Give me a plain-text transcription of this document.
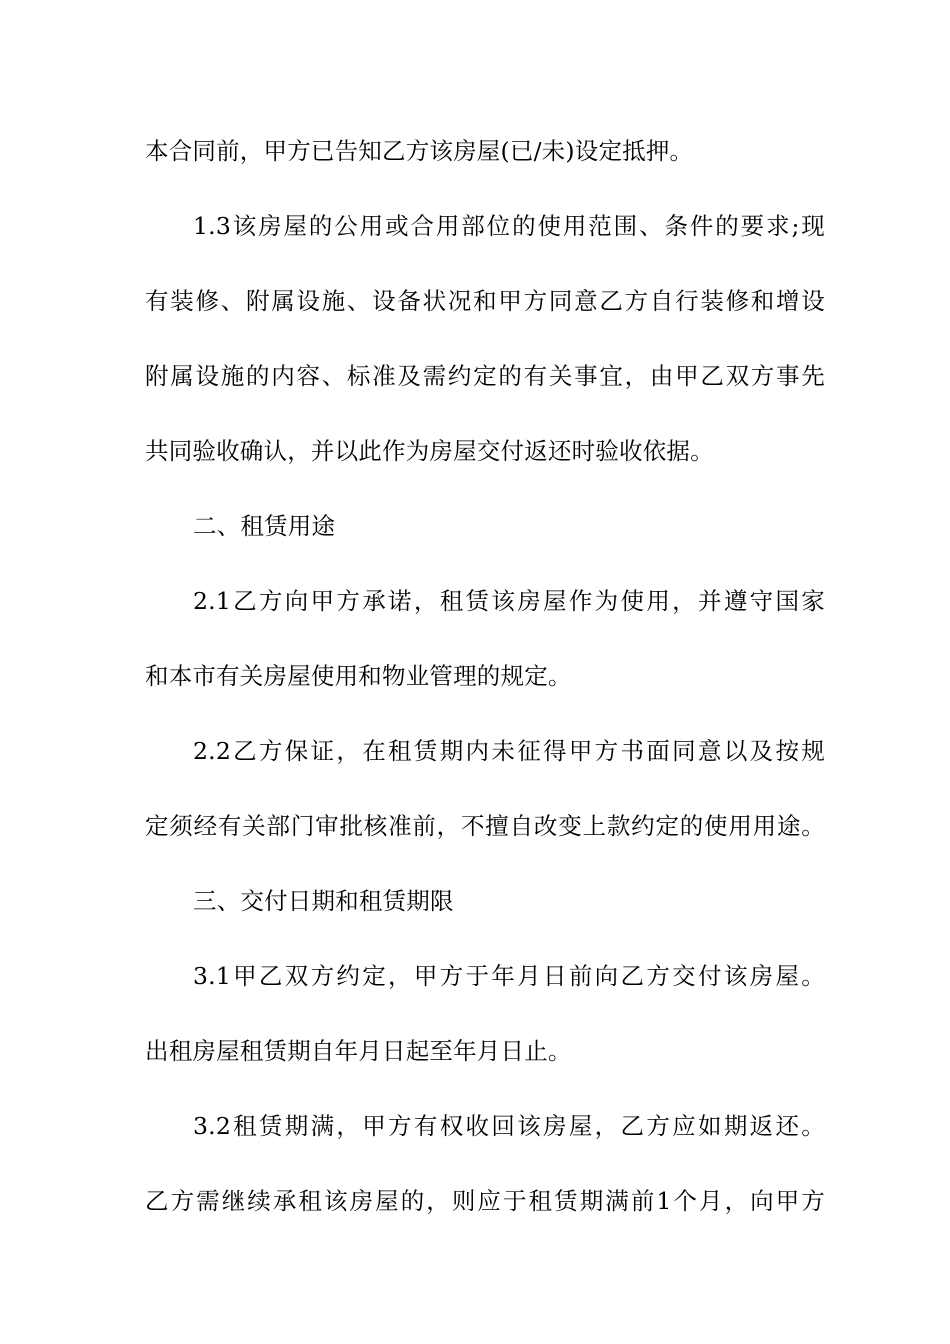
本合同前，甲方已告知乙方该房屋(已/未)设定抵押。
1.3该房屋的公用或合用部位的使用范围、条件的要求;现
有装修、附属设施、设备状况和甲方同意乙方自行装修和增设
附属设施的内容、标准及需约定的有关事宜，由甲乙双方事先
共同验收确认，并以此作为房屋交付返还时验收依据。
二、租赁用途
2.1乙方向甲方承诺，租赁该房屋作为使用，并遵守国家
和本市有关房屋使用和物业管理的规定。
2.2乙方保证，在租赁期内未征得甲方书面同意以及按规
定须经有关部门审批核准前，不擅自改变上款约定的使用用途。
三、交付日期和租赁期限
3.1甲乙双方约定，甲方于年月日前向乙方交付该房屋。
出租房屋租赁期自年月日起至年月日止。
3.2租赁期满，甲方有权收回该房屋，乙方应如期返还。
乙方需继续承租该房屋的，则应于租赁期满前1个月，向甲方
